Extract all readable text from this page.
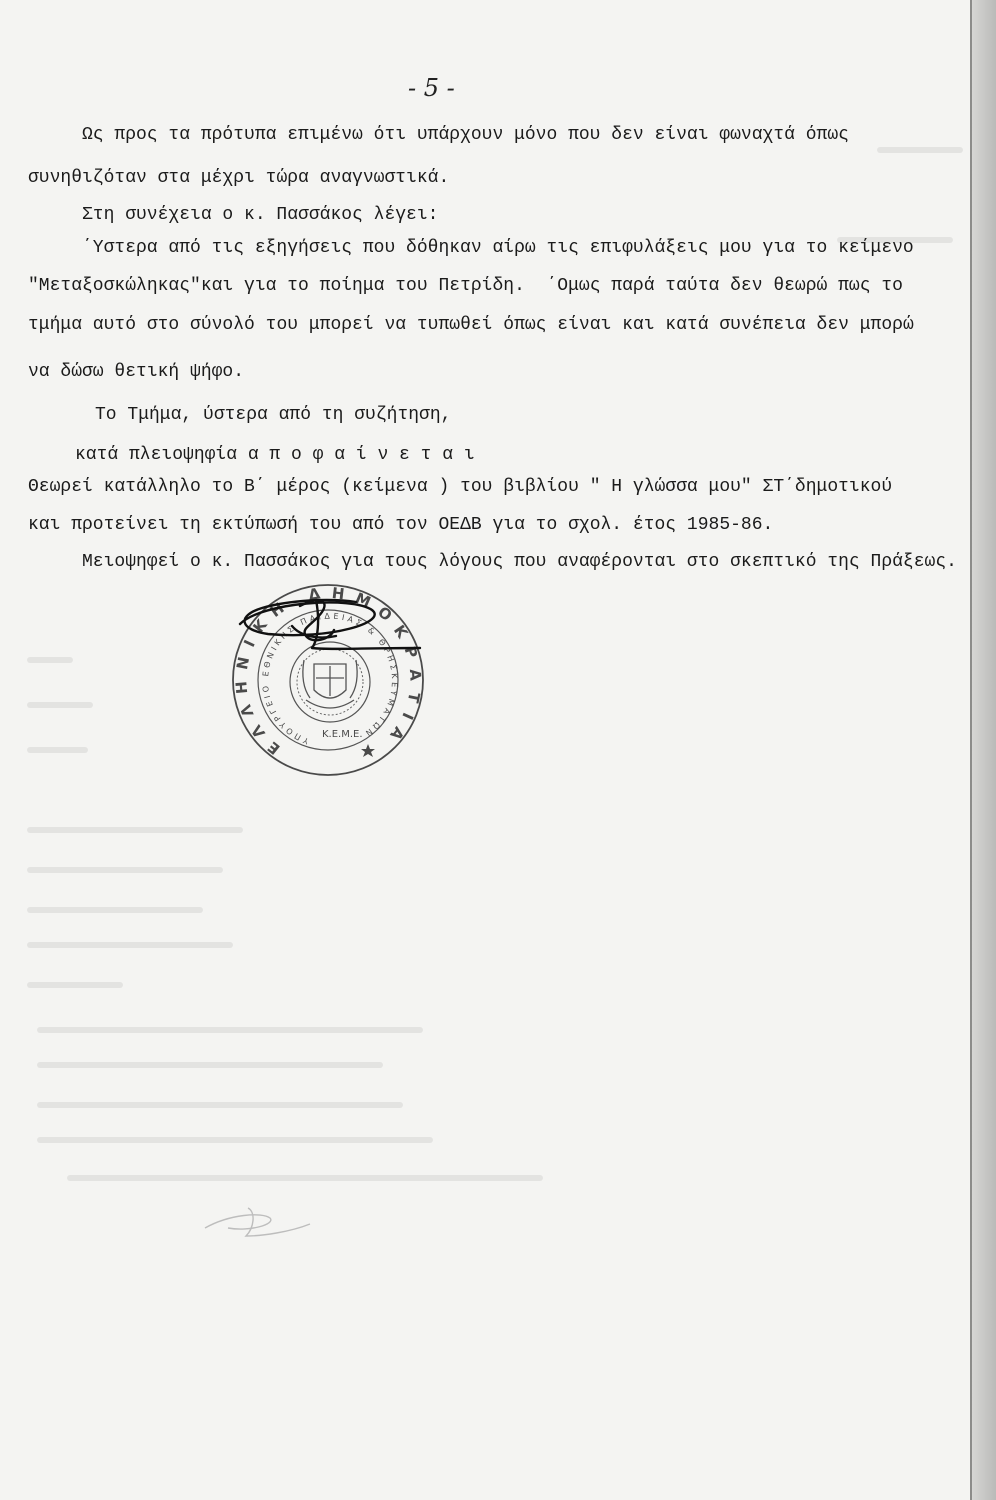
- 5 -
Ως προς τα πρότυπα επιμένω ότι υπάρχουν μόνο που δεν είναι φωναχτά όπως
συνηθιζόταν στα μέχρι τώρα αναγνωστικά.
Στη συνέχεια ο κ. Πασσάκος λέγει:
΄Υστερα από τις εξηγήσεις που δόθηκαν αίρω τις επιφυλάξεις μου για το κείμενο
"Μεταξοσκώληκας"και για το ποίημα του Πετρίδη.  ΄Ομως παρά ταύτα δεν θεωρώ πως το
τμήμα αυτό στο σύνολό του μπορεί να τυπωθεί όπως είναι και κατά συνέπεια δεν μπορώ
να δώσω θετική ψήφο.
Το Τμήμα, ύστερα από τη συζήτηση,
κατά πλειοψηφία α π ο φ α ί ν ε τ α ι
Θεωρεί κατάλληλο το Β΄ μέρος (κείμενα ) του βιβλίου " Η γλώσσα μου" ΣΤ΄δημοτικού
και προτείνει τη εκτύπωσή του από τον ΟΕΔΒ για το σχολ. έτος 1985-86.
Μειοψηφεί ο κ. Πασσάκος για τους λόγους που αναφέρονται στο σκεπτικό της Πράξεως.
ΕΛΛΗΝΙΚΗ ΔΗΜΟΚΡΑΤΙΑ
ΥΠΟΥΡΓΕΙΟ ΕΘΝΙΚΗΣ ΠΑΙΔΕΙΑΣ & ΘΡΗΣΚΕΥΜΑΤΩΝ
Κ.Ε.Μ.Ε.
